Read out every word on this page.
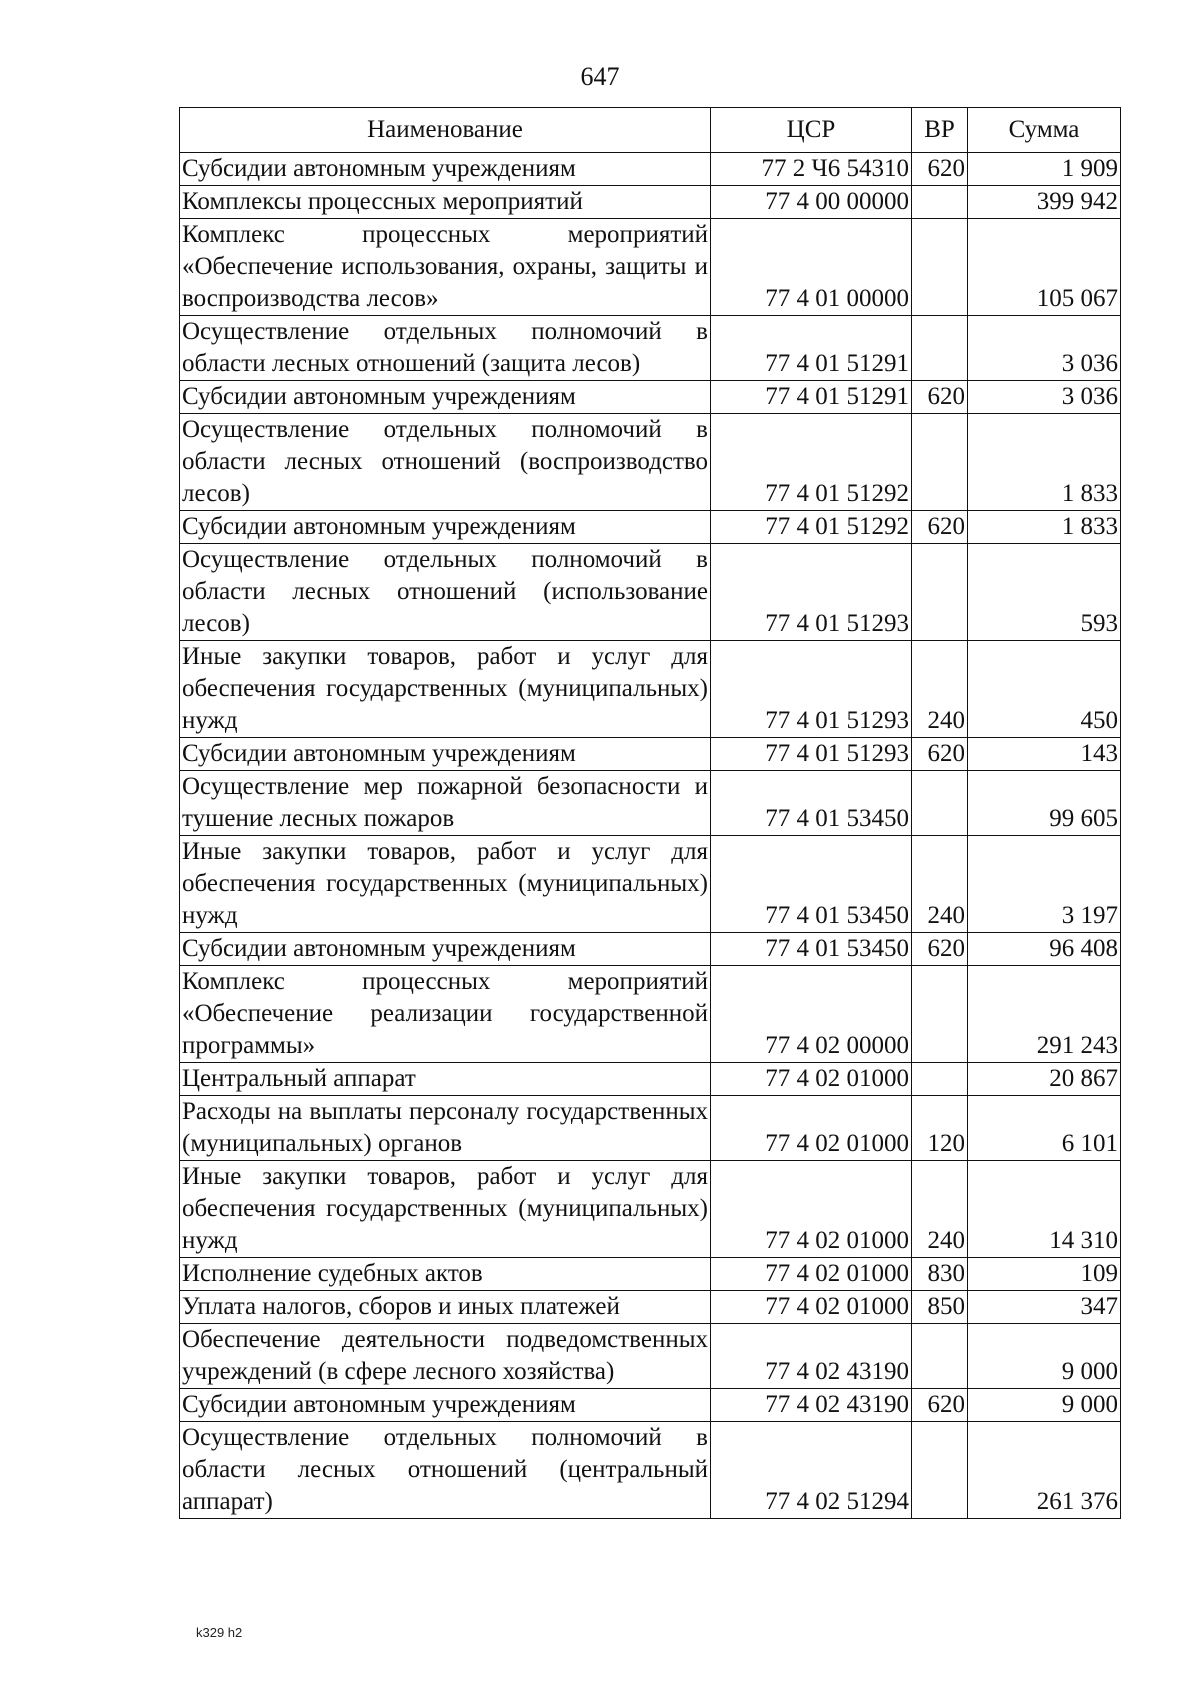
647
Наименование	ЦСР	ВР	Сумма
Субсидии автономным учреждениям	77 2 Ч6 54310	620	1 909
Комплексы процессных мероприятий	77 4 00 00000		399 942
Комплекс процессных мероприятий «Обеспечение использования, охраны, защиты и воспроизводства лесов»	77 4 01 00000		105 067
Осуществление отдельных полномочий в области лесных отношений (защита лесов)	77 4 01 51291		3 036
Субсидии автономным учреждениям	77 4 01 51291	620	3 036
Осуществление отдельных полномочий в области лесных отношений (воспроизводство лесов)	77 4 01 51292		1 833
Субсидии автономным учреждениям	77 4 01 51292	620	1 833
Осуществление отдельных полномочий в области лесных отношений (использование лесов)	77 4 01 51293		593
Иные закупки товаров, работ и услуг для обеспечения государственных (муниципальных) нужд	77 4 01 51293	240	450
Субсидии автономным учреждениям	77 4 01 51293	620	143
Осуществление мер пожарной безопасности и тушение лесных пожаров	77 4 01 53450		99 605
Иные закупки товаров, работ и услуг для обеспечения государственных (муниципальных) нужд	77 4 01 53450	240	3 197
Субсидии автономным учреждениям	77 4 01 53450	620	96 408
Комплекс процессных мероприятий «Обеспечение реализации государственной программы»	77 4 02 00000		291 243
Центральный аппарат	77 4 02 01000		20 867
Расходы на выплаты персоналу государственных (муниципальных) органов	77 4 02 01000	120	6 101
Иные закупки товаров, работ и услуг для обеспечения государственных (муниципальных) нужд	77 4 02 01000	240	14 310
Исполнение судебных актов	77 4 02 01000	830	109
Уплата налогов, сборов и иных платежей	77 4 02 01000	850	347
Обеспечение деятельности подведомственных учреждений (в сфере лесного хозяйства)	77 4 02 43190		9 000
Субсидии автономным учреждениям	77 4 02 43190	620	9 000
Осуществление отдельных полномочий в области лесных отношений (центральный аппарат)	77 4 02 51294		261 376
k329 h2
